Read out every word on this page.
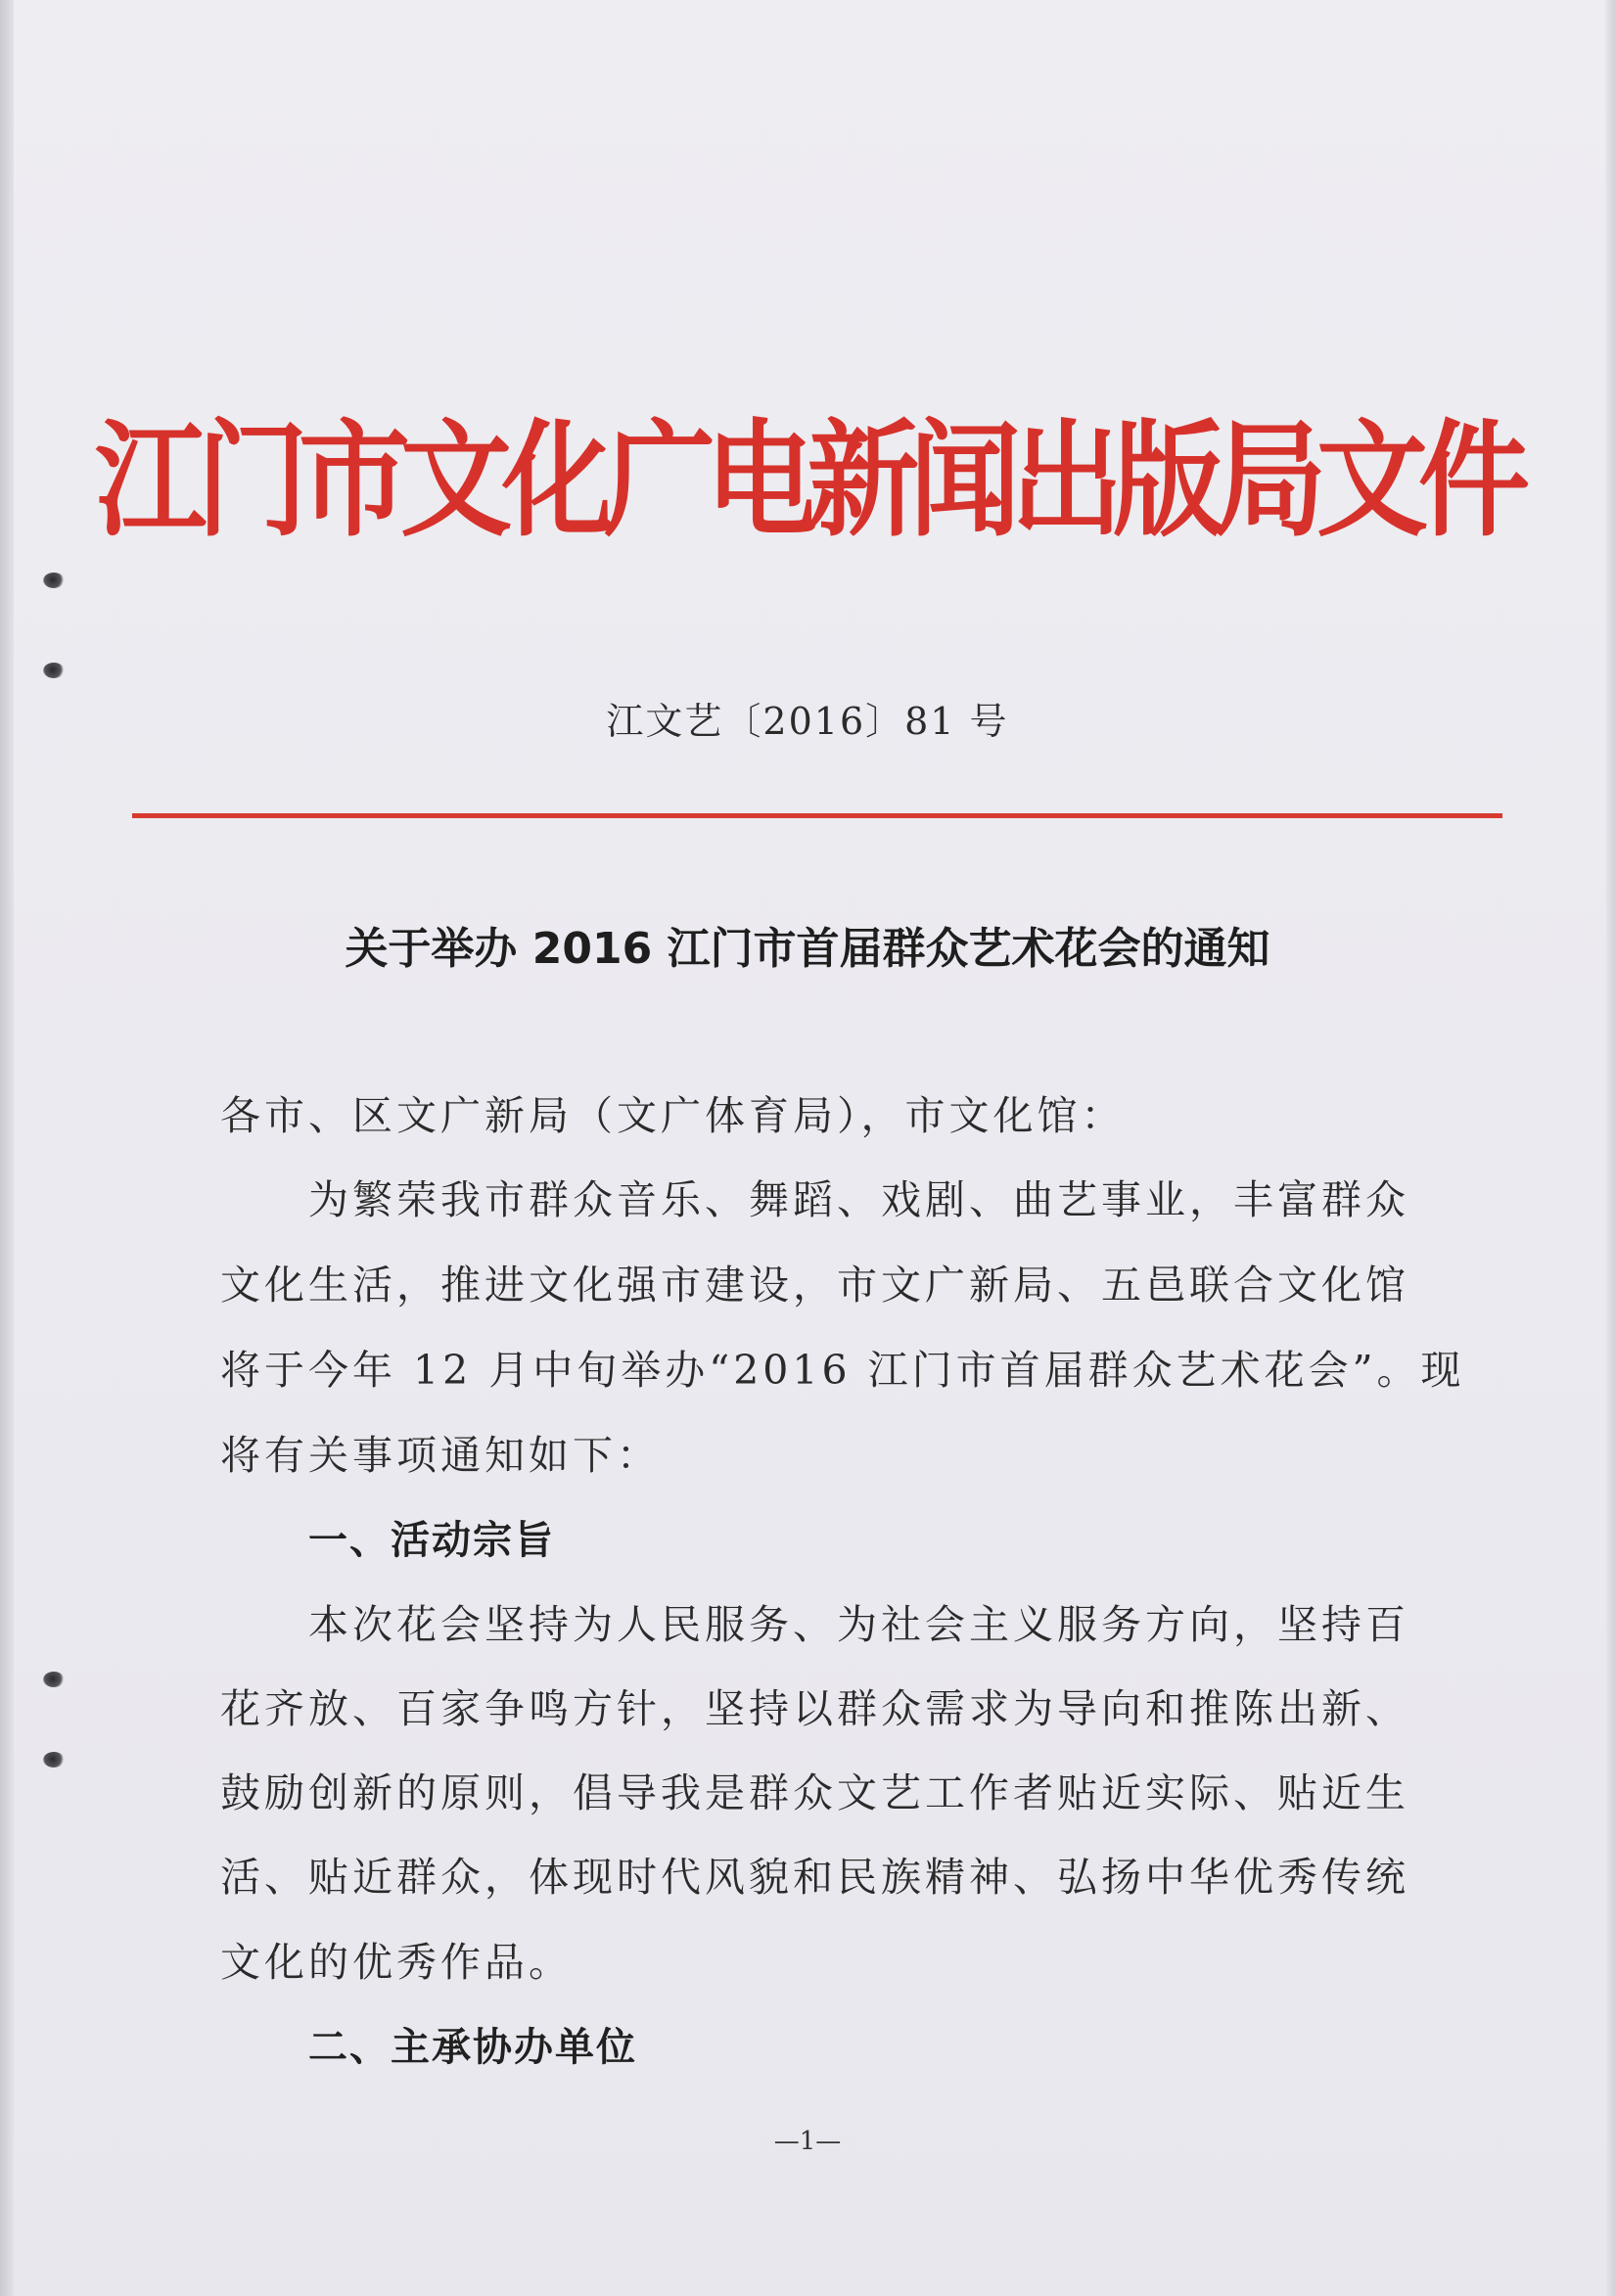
江门市文化广电新闻出版局文件
江文艺〔2016〕81 号
关于举办 2016 江门市首届群众艺术花会的通知
各市、区文广新局（文广体育局），市文化馆：
为繁荣我市群众音乐、舞蹈、戏剧、曲艺事业，丰富群众
文化生活，推进文化强市建设，市文广新局、五邑联合文化馆
将于今年 12 月中旬举办“2016 江门市首届群众艺术花会”。现
将有关事项通知如下：
一、活动宗旨
本次花会坚持为人民服务、为社会主义服务方向，坚持百
花齐放、百家争鸣方针，坚持以群众需求为导向和推陈出新、
鼓励创新的原则，倡导我是群众文艺工作者贴近实际、贴近生
活、贴近群众，体现时代风貌和民族精神、弘扬中华优秀传统
文化的优秀作品。
二、主承协办单位
—1—
